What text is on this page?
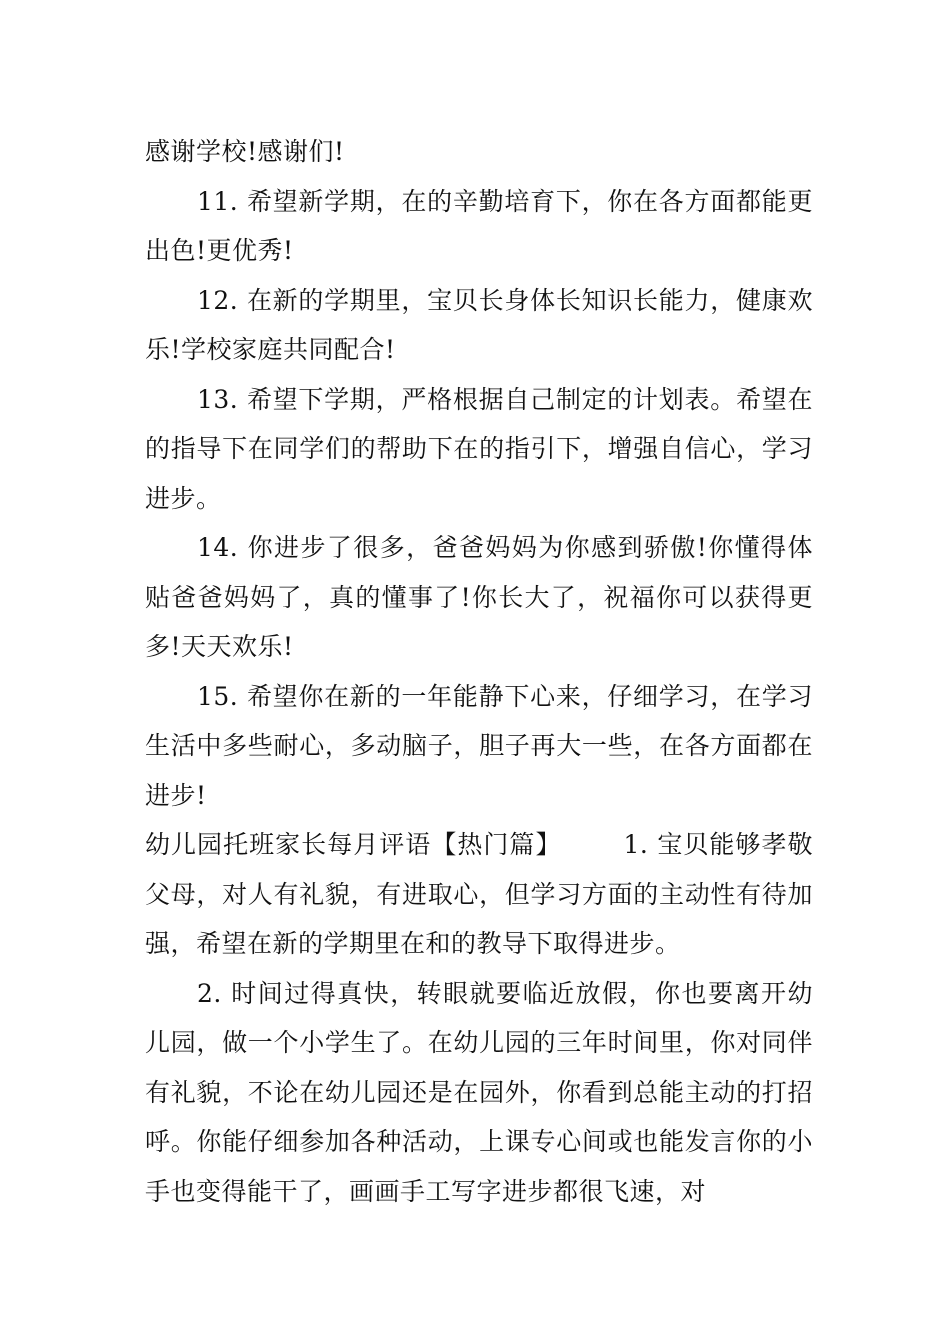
感谢学校!感谢们!

11. 希望新学期，在的辛勤培育下，你在各方面都能更出色!更优秀!

12. 在新的学期里，宝贝长身体长知识长能力，健康欢乐!学校家庭共同配合!

13. 希望下学期，严格根据自己制定的计划表。希望在的指导下在同学们的帮助下在的指引下，增强自信心，学习进步。

14. 你进步了很多，爸爸妈妈为你感到骄傲!你懂得体贴爸爸妈妈了，真的懂事了!你长大了，祝福你可以获得更多!天天欢乐!

15. 希望你在新的一年能静下心来，仔细学习，在学习生活中多些耐心，多动脑子，胆子再大一些，在各方面都在进步!

幼儿园托班家长每月评语【热门篇】 1. 宝贝能够孝敬父母，对人有礼貌，有进取心，但学习方面的主动性有待加强，希望在新的学期里在和的教导下取得进步。

2. 时间过得真快，转眼就要临近放假，你也要离开幼儿园，做一个小学生了。在幼儿园的三年时间里，你对同伴有礼貌，不论在幼儿园还是在园外，你看到总能主动的打招呼。你能仔细参加各种活动，上课专心间或也能发言你的小手也变得能干了，画画手工写字进步都很飞速，对
